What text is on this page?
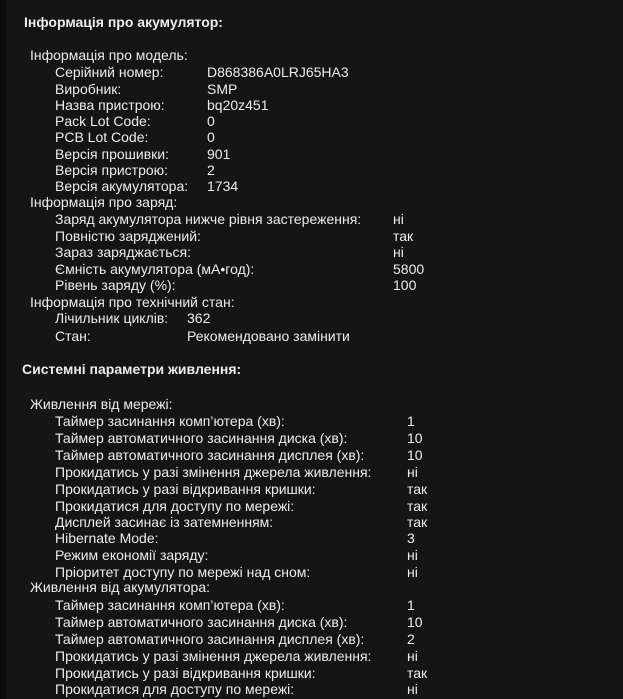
Інформація про акумулятор:
Інформація про модель:
Серійний номер:	D868386A0LRJ65HA3
Виробник:	SMP
Назва пристрою:	bq20z451
Pack Lot Code:	0
PCB Lot Code:	0
Версія прошивки:	901
Версія пристрою:	2
Версія акумулятора: 1734
Інформація про заряд:
Заряд акумулятора нижче рівня застереження: ні
Повністю заряджений:	так
Зараз заряджається:	ні
Ємність акумулятора (мА•год):	5800
Рівень заряду (%):	100
Інформація про технічний стан:
Лічильник циклів: 362
Стан:	Рекомендовано замінити
Системні параметри живлення:
Живлення від мережі:
Таймер засинання комп’ютера (хв):	1
Таймер автоматичного засинання диска (хв):	10
Таймер автоматичного засинання дисплея (хв):	10
Прокидатись у разі змінення джерела живлення:	ні
Прокидатись у разі відкривання кришки:	так
Прокидатися для доступу по мережі:	так
Дисплей засинає із затемненням:	так
Hibernate Mode:	3
Режим економії заряду:	ні
Пріоритет доступу по мережі над сном:	ні
Живлення від акумулятора:
Таймер засинання комп’ютера (хв):	1
Таймер автоматичного засинання диска (хв):	10
Таймер автоматичного засинання дисплея (хв):	2
Прокидатись у разі змінення джерела живлення:	ні
Прокидатись у разі відкривання кришки:	так
Прокидатися для доступу по мережі:	ні
